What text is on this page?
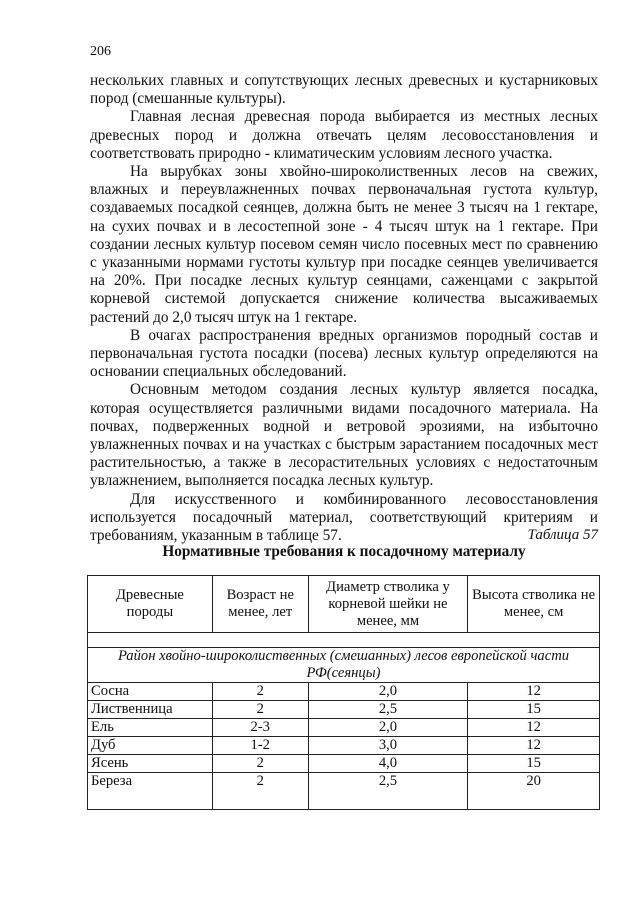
206

нескольких главных и сопутствующих лесных древесных и кустарниковых пород (смешанные культуры).

Главная лесная древесная порода выбирается из местных лесных древесных пород и должна отвечать целям лесовосстановления и соответствовать природно - климатическим условиям лесного участка.

На вырубках зоны хвойно-широколиственных лесов на свежих, влажных и переувлажненных почвах первоначальная густота культур, создаваемых посадкой сеянцев, должна быть не менее 3 тысяч на 1 гектаре, на сухих почвах и в лесостепной зоне - 4 тысяч штук на 1 гектаре. При создании лесных культур посевом семян число посевных мест по сравнению с указанными нормами густоты культур при посадке сеянцев увеличивается на 20%. При посадке лесных культур сеянцами, саженцами с закрытой корневой системой допускается снижение количества высаживаемых растений до 2,0 тысяч штук на 1 гектаре.

В очагах распространения вредных организмов породный состав и первоначальная густота посадки (посева) лесных культур определяются на основании специальных обследований.

Основным методом создания лесных культур является посадка, которая осуществляется различными видами посадочного материала. На почвах, подверженных водной и ветровой эрозиями, на избыточно увлажненных почвах и на участках с быстрым зарастанием посадочных мест растительностью, а также в лесорастительных условиях с недостаточным увлажнением, выполняется посадка лесных культур.

Для искусственного и комбинированного лесовосстановления используется посадочный материал, соответствующий критериям и требованиям, указанным в таблице 57.	Таблица 57
Нормативные требования к посадочному материалу
Древесные породы	Возраст не менее, лет	Диаметр стволика у корневой шейки не менее, мм	Высота стволика не менее, см

Район хвойно-широколиственных (смешанных) лесов европейской части РФ(сеянцы)			
Сосна	2	2,0	12
Лиственница	2	2,5	15
Ель	2-3	2,0	12
Дуб	1-2	3,0	12
Ясень	2	4,0	15
Береза	2	2,5	20
